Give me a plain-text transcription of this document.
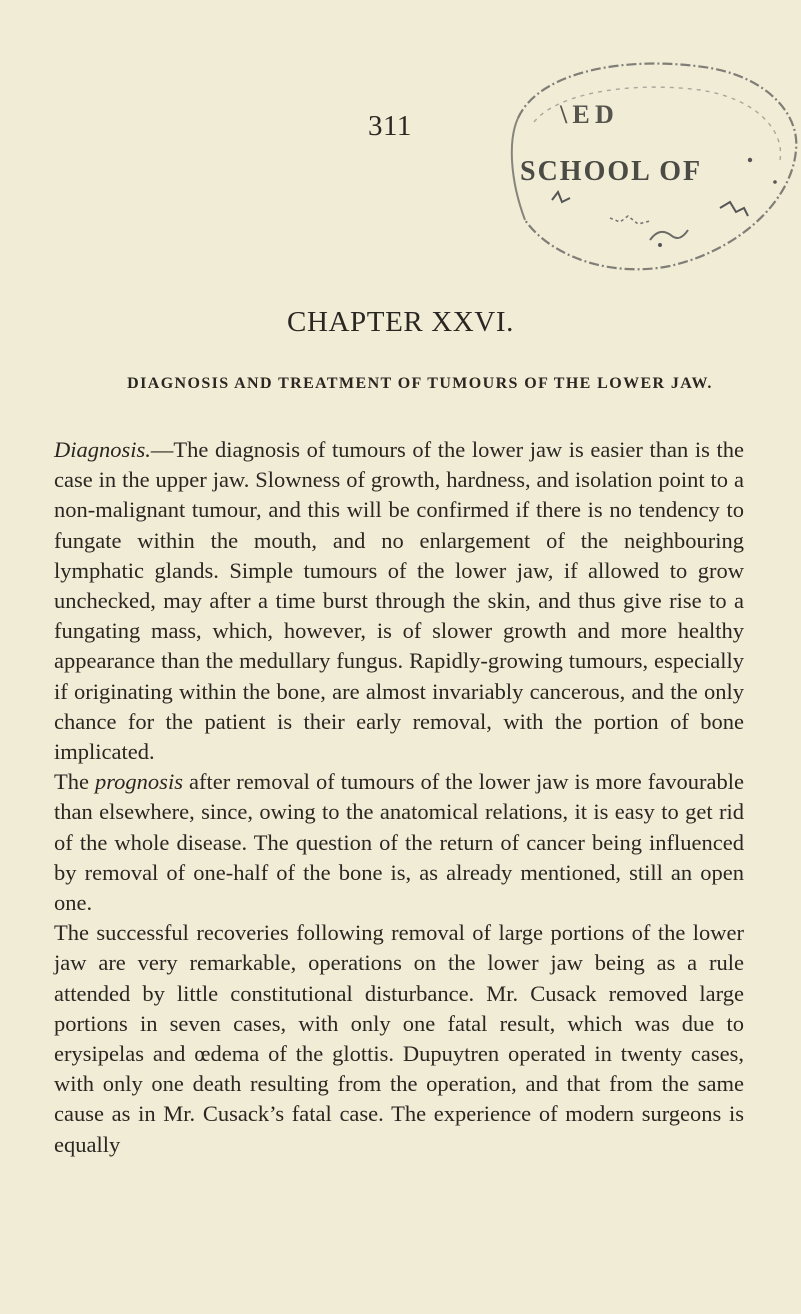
311	\ E D
SCHOOL OF
CHAPTER XXVI.
DIAGNOSIS AND TREATMENT OF TUMOURS OF THE LOWER JAW.

Diagnosis.—The diagnosis of tumours of the lower jaw is easier than is the case in the upper jaw. Slowness of growth, hardness, and isolation point to a non-malignant tumour, and this will be confirmed if there is no tendency to fungate within the mouth, and no enlargement of the neighbouring lymphatic glands. Simple tumours of the lower jaw, if allowed to grow unchecked, may after a time burst through the skin, and thus give rise to a fungating mass, which, however, is of slower growth and more healthy appearance than the medullary fungus. Rapidly-growing tumours, especially if originating within the bone, are almost invariably cancerous, and the only chance for the patient is their early removal, with the portion of bone implicated.

The prognosis after removal of tumours of the lower jaw is more favourable than elsewhere, since, owing to the anatomical relations, it is easy to get rid of the whole disease. The question of the return of cancer being influenced by removal of one-half of the bone is, as already mentioned, still an open one.

The successful recoveries following removal of large portions of the lower jaw are very remarkable, operations on the lower jaw being as a rule attended by little constitutional disturbance. Mr. Cusack removed large portions in seven cases, with only one fatal result, which was due to erysipelas and œdema of the glottis. Dupuytren operated in twenty cases, with only one death resulting from the operation, and that from the same cause as in Mr. Cusack’s fatal case. The experience of modern surgeons is equally
